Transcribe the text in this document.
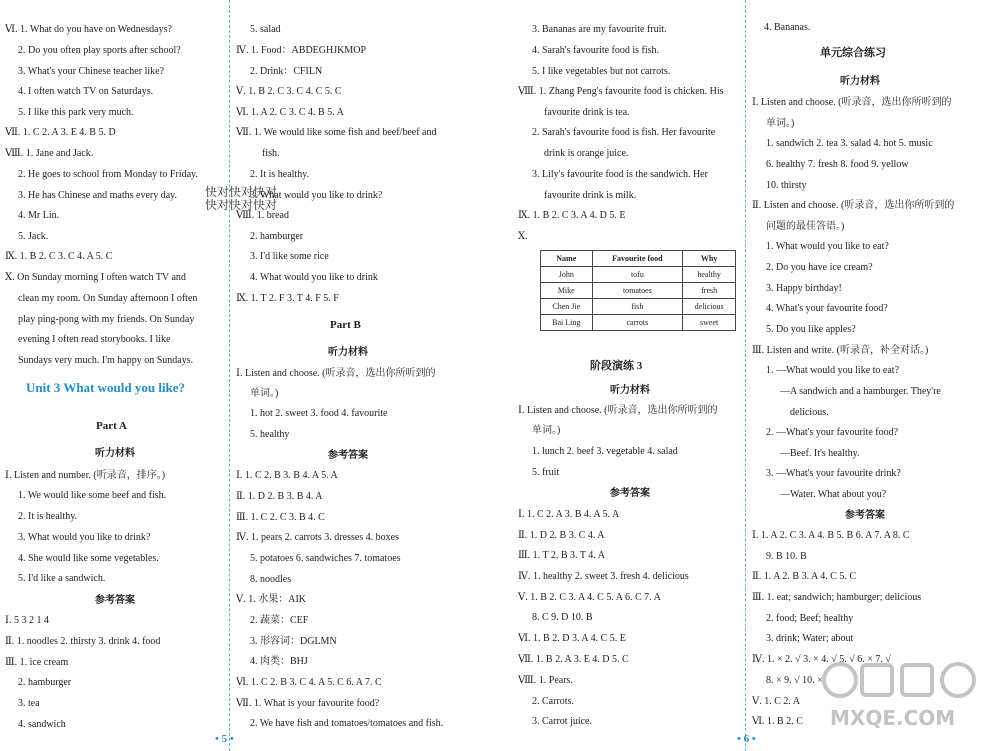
Ⅵ. 1. What do you have on Wednesdays?
2. Do you often play sports after school?
3. What's your Chinese teacher like?
4. I often watch TV on Saturdays.
5. I like this park very much.
Ⅶ. 1. C 2. A 3. E 4. B 5. D
Ⅷ. 1. Jane and Jack.
2. He goes to school from Monday to Friday.
3. He has Chinese and maths every day.
4. Mr Lin.
5. Jack.
Ⅸ. 1. B 2. C 3. C 4. A 5. C
Ⅹ. On Sunday morning I often watch TV and
clean my room. On Sunday afternoon I often
play ping-pong with my friends. On Sunday
evening I often read storybooks. I like
Sundays very much. I'm happy on Sundays.
Unit 3 What would you like?
Part A
听力材料
Ⅰ. Listen and number. (听录音，排序。)
1. We would like some beef and fish.
2. It is healthy.
3. What would you like to drink?
4. She would like some vegetables.
5. I'd like a sandwich.
参考答案
Ⅰ. 5 3 2 1 4
Ⅱ. 1. noodles 2. thirsty 3. drink 4. food
Ⅲ. 1. ice cream
2. hamburger
3. tea
4. sandwich
5. salad
Ⅳ. 1. Food：ABDEGHJKMOP
2. Drink：CFILN
Ⅴ. 1. B 2. C 3. C 4. C 5. C
Ⅵ. 1. A 2. C 3. C 4. B 5. A
Ⅶ. 1. We would like some fish and beef/beef and
fish.
2. It is healthy.
3. What would you like to drink?
Ⅷ. 1. bread
2. hamburger
3. I'd like some rice
4. What would you like to drink
Ⅸ. 1. T 2. F 3. T 4. F 5. F
Part B
听力材料
Ⅰ. Listen and choose. (听录音，选出你所听到的
单词。)
1. hot 2. sweet 3. food 4. favourite
5. healthy
参考答案
Ⅰ. 1. C 2. B 3. B 4. A 5. A
Ⅱ. 1. D 2. B 3. B 4. A
Ⅲ. 1. C 2. C 3. B 4. C
Ⅳ. 1. pears 2. carrots 3. dresses 4. boxes
5. potatoes 6. sandwiches 7. tomatoes
8. noodles
Ⅴ. 1. 水果：AIK
2. 蔬菜：CEF
3. 形容词：DGLMN
4. 肉类：BHJ
Ⅵ. 1. C 2. B 3. C 4. A 5. C 6. A 7. C
Ⅶ. 1. What is your favourite food?
2. We have fish and tomatoes/tomatoes and fish.
3. Bananas are my favourite fruit.
4. Sarah's favourite food is fish.
5. I like vegetables but not carrots.
Ⅷ. 1. Zhang Peng's favourite food is chicken. His
favourite drink is tea.
2. Sarah's favourite food is fish. Her favourite
drink is orange juice.
3. Lily's favourite food is the sandwich. Her
favourite drink is milk.
Ⅸ. 1. B 2. C 3. A 4. D 5. E
Ⅹ.
Name	Favourite food	Why
John	tofu	healthy
Mike	tomatoes	fresh
Chen Jie	fish	delicious
Bai Ling	carrots	sweet
阶段演练 3
听力材料
Ⅰ. Listen and choose. (听录音，选出你所听到的
单词。)
1. lunch 2. beef 3. vegetable 4. salad
5. fruit
参考答案
Ⅰ. 1. C 2. A 3. B 4. A 5. A
Ⅱ. 1. D 2. B 3. C 4. A
Ⅲ. 1. T 2. B 3. T 4. A
Ⅳ. 1. healthy 2. sweet 3. fresh 4. delicious
Ⅴ. 1. B 2. C 3. A 4. C 5. A 6. C 7. A
8. C 9. D 10. B
Ⅵ. 1. B 2. D 3. A 4. C 5. E
Ⅶ. 1. B 2. A 3. E 4. D 5. C
Ⅷ. 1. Pears.
2. Carrots.
3. Carrot juice.
4. Bananas.
单元综合练习
听力材料
Ⅰ. Listen and choose. (听录音，选出你所听到的
单词。)
1. sandwich 2. tea 3. salad 4. hot 5. music
6. healthy 7. fresh 8. food 9. yellow
10. thirsty
Ⅱ. Listen and choose. (听录音，选出你所听到的
问题的最佳答语。)
1. What would you like to eat?
2. Do you have ice cream?
3. Happy birthday!
4. What's your favourite food?
5. Do you like apples?
Ⅲ. Listen and write. (听录音，补全对话。)
1. —What would you like to eat?
—A sandwich and a hamburger. They're
delicious.
2. —What's your favourite food?
—Beef. It's healthy.
3. —What's your favourite drink?
—Water. What about you?
参考答案
Ⅰ. 1. A 2. C 3. A 4. B 5. B 6. A 7. A 8. C
9. B 10. B
Ⅱ. 1. A 2. B 3. A 4. C 5. C
Ⅲ. 1. eat; sandwich; hamburger; delicious
2. food; Beef; healthy
3. drink; Water; about
Ⅳ. 1. × 2. √ 3. × 4. √ 5. √ 6. × 7. √
8. × 9. √ 10. ×
Ⅴ. 1. C 2. A
Ⅵ. 1. B 2. C
快对快对快对
快对快对快对
MXQE.COM
• 5 •	• 6 •
